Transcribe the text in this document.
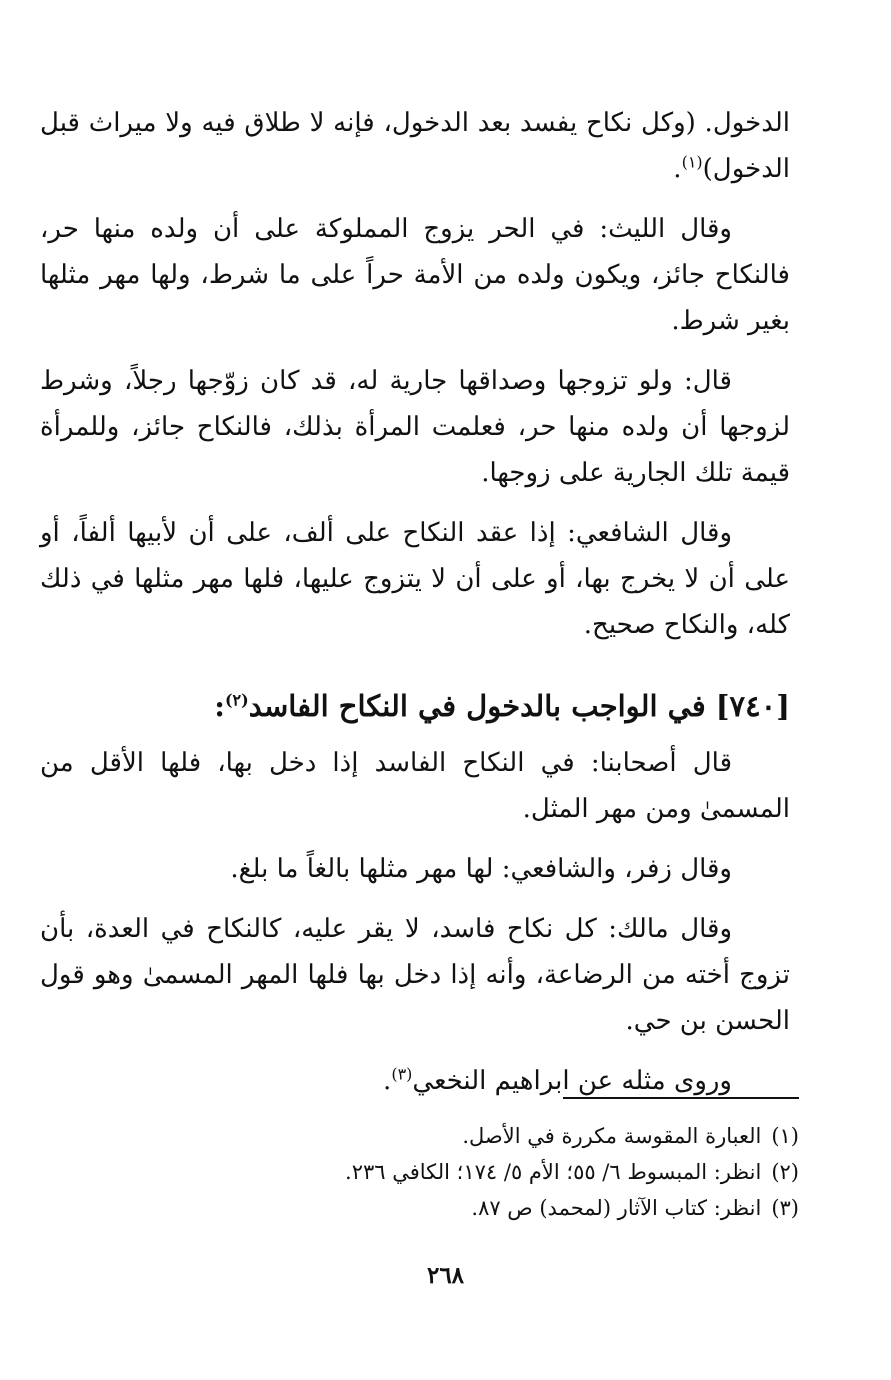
الدخول. (وكل نكاح يفسد بعد الدخول، فإنه لا طلاق فيه ولا ميراث قبل الدخول)$^{(١)}$.

وقال الليث: في الحر يزوج المملوكة على أن ولده منها حر، فالنكاح جائز، ويكون ولده من الأمة حراً على ما شرط، ولها مهر مثلها بغير شرط.

قال: ولو تزوجها وصداقها جارية له، قد كان زوّجها رجلاً، وشرط لزوجها أن ولده منها حر، فعلمت المرأة بذلك، فالنكاح جائز، وللمرأة قيمة تلك الجارية على زوجها.

وقال الشافعي: إذا عقد النكاح على ألف، على أن لأبيها ألفاً، أو على أن لا يخرج بها، أو على أن لا يتزوج عليها، فلها مهر مثلها في ذلك كله، والنكاح صحيح.

[٧٤٠] في الواجب بالدخول في النكاح الفاسد$^{(٢)}$:

قال أصحابنا: في النكاح الفاسد إذا دخل بها، فلها الأقل من المسمىٰ ومن مهر المثل.

وقال زفر، والشافعي: لها مهر مثلها بالغاً ما بلغ.

وقال مالك: كل نكاح فاسد، لا يقر عليه، كالنكاح في العدة، بأن تزوج أخته من الرضاعة، وأنه إذا دخل بها فلها المهر المسمىٰ وهو قول الحسن بن حي.

وروى مثله عن ابراهيم النخعي$^{(٣)}$.

(١)العبارة المقوسة مكررة في الأصل.
(٢)انظر: المبسوط ٦/ ٥٥؛ الأم ٥/ ١٧٤؛ الكافي ٢٣٦.
(٣)انظر: كتاب الآثار (لمحمد) ص ٨٧.
٢٦٨
